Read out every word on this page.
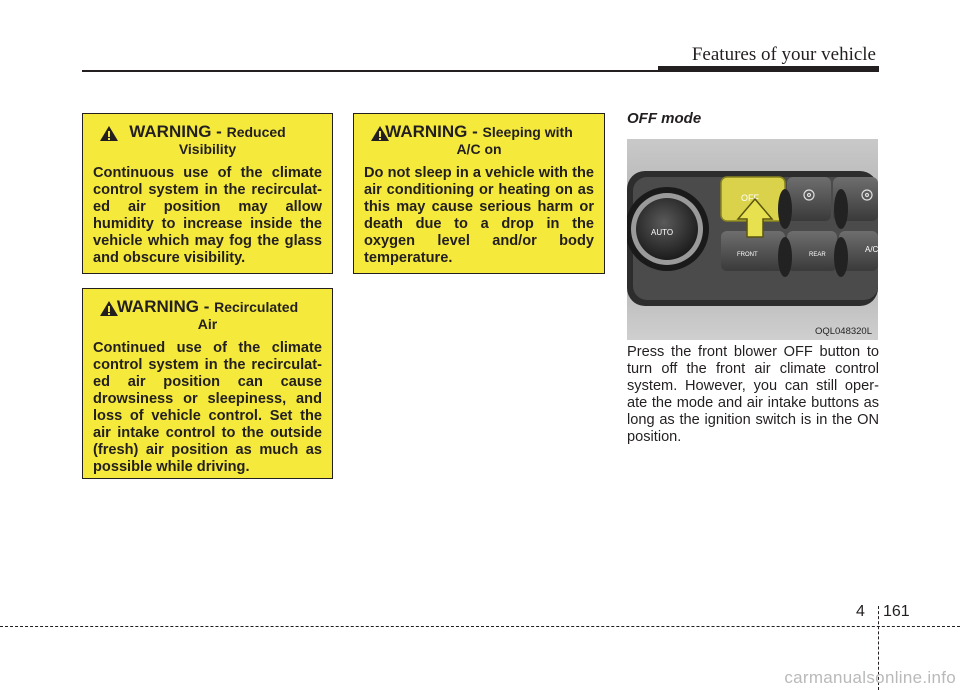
Features of your vehicle
WARNING - Reduced
Visibility
Continuous use of the climate control system in the recirculat-ed air position may allow humidity to increase inside the vehicle which may fog the glass and obscure visibility.
WARNING - Sleeping with
A/C on
Do not sleep in a vehicle with the air conditioning or heating on as this may cause serious harm or death due to a drop in the oxygen level and/or body temperature.
WARNING - Recirculated
Air
Continued use of the climate control system in the recirculat-ed air position can cause drowsiness or sleepiness, and loss of vehicle control. Set the air intake control to the outside (fresh) air position as much as possible while driving.
OFF mode
OFF
FRONT	REAR
A/C
AUTO
OQL048320L
Press the front blower OFF button to turn off the front air climate control system. However, you can still oper-ate the mode and air intake buttons as long as the ignition switch is in the ON position.
4 161
carmanualsonline.info
